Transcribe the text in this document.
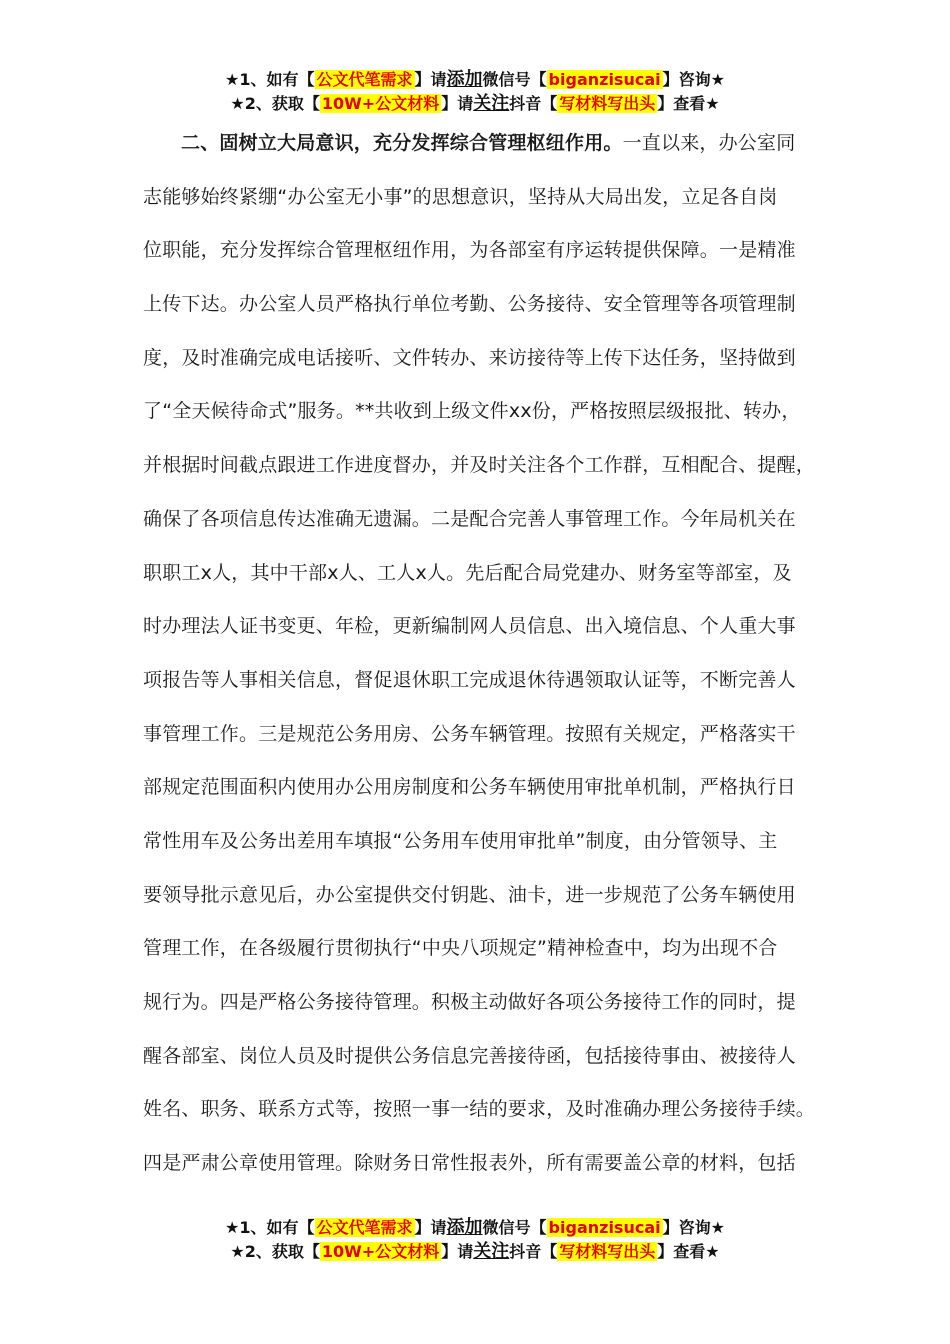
★1、如有【 公文代笔需求 】请添加微信号【 biganzisucai 】咨询★
★2、获取【 10W+公文材料 】请关注抖音【 写材料写出头 】查看★
二、固树立大局意识，充分发挥综合管理枢纽作用。一直以来，办公室同
志能够始终紧绷“办公室无小事”的思想意识，坚持从大局出发，立足各自岗
位职能，充分发挥综合管理枢纽作用，为各部室有序运转提供保障。一是精准
上传下达。办公室人员严格执行单位考勤、公务接待、安全管理等各项管理制
度，及时准确完成电话接听、文件转办、来访接待等上传下达任务，坚持做到
了“全天候待命式”服务。**共收到上级文件xx份，严格按照层级报批、转办，
并根据时间截点跟进工作进度督办，并及时关注各个工作群，互相配合、提醒，
确保了各项信息传达准确无遗漏。二是配合完善人事管理工作。今年局机关在
职职工x人，其中干部x人、工人x人。先后配合局党建办、财务室等部室，及
时办理法人证书变更、年检，更新编制网人员信息、出入境信息、个人重大事
项报告等人事相关信息，督促退休职工完成退休待遇领取认证等，不断完善人
事管理工作。三是规范公务用房、公务车辆管理。按照有关规定，严格落实干
部规定范围面积内使用办公用房制度和公务车辆使用审批单机制，严格执行日
常性用车及公务出差用车填报“公务用车使用审批单”制度，由分管领导、主
要领导批示意见后，办公室提供交付钥匙、油卡，进一步规范了公务车辆使用
管理工作，在各级履行贯彻执行“中央八项规定”精神检查中，均为出现不合
规行为。四是严格公务接待管理。积极主动做好各项公务接待工作的同时，提
醒各部室、岗位人员及时提供公务信息完善接待函，包括接待事由、被接待人
姓名、职务、联系方式等，按照一事一结的要求，及时准确办理公务接待手续。
四是严肃公章使用管理。除财务日常性报表外，所有需要盖公章的材料，包括
★1、如有【 公文代笔需求 】请添加微信号【 biganzisucai 】咨询★
★2、获取【 10W+公文材料 】请关注抖音【 写材料写出头 】查看★
